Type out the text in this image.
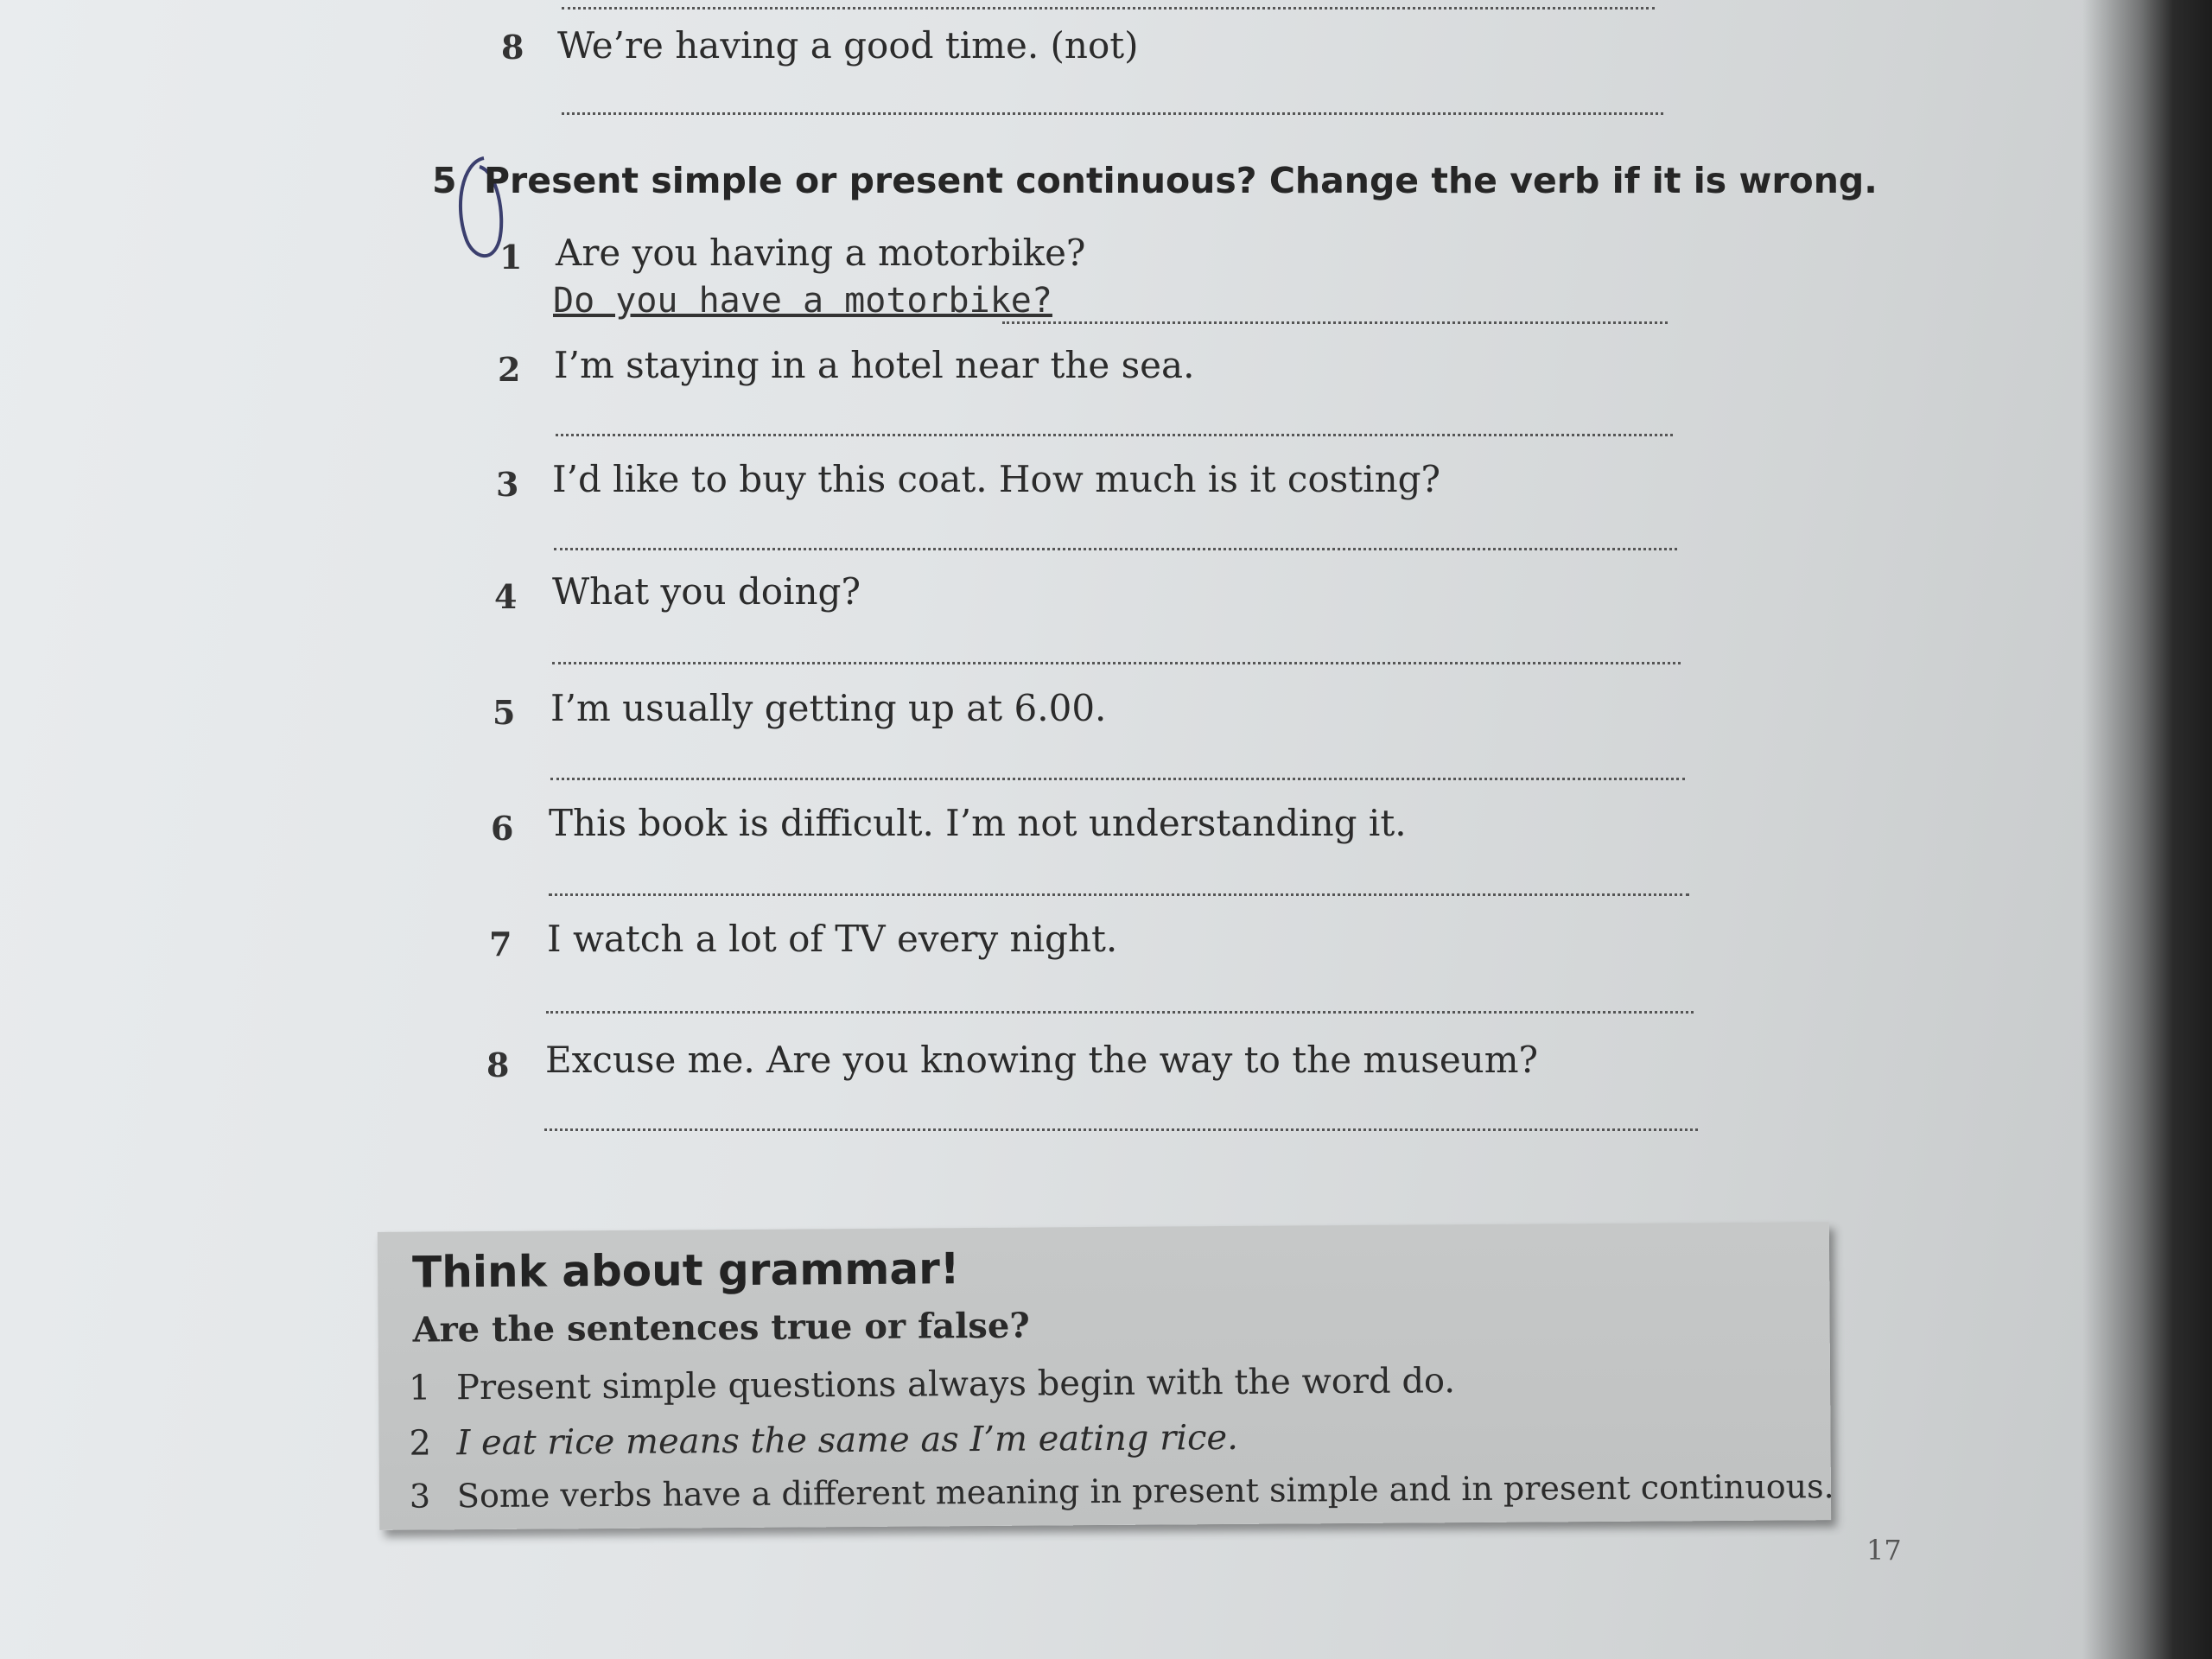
8 We’re having a good time. (not)
5 Present simple or present continuous? Change the verb if it is wrong.
1 Are you having a motorbike?
Do you have a motorbike?
2 I’m staying in a hotel near the sea.
3 I’d like to buy this coat. How much is it costing?
4 What you doing?
5 I’m usually getting up at 6.00.
6 This book is difficult. I’m not understanding it.
7 I watch a lot of TV every night.
8 Excuse me. Are you knowing the way to the museum?
Think about grammar!
Are the sentences true or false?
1 Present simple questions always begin with the word do.
2 I eat rice means the same as I’m eating rice.
3 Some verbs have a different meaning in present simple and in present continuous.
17
